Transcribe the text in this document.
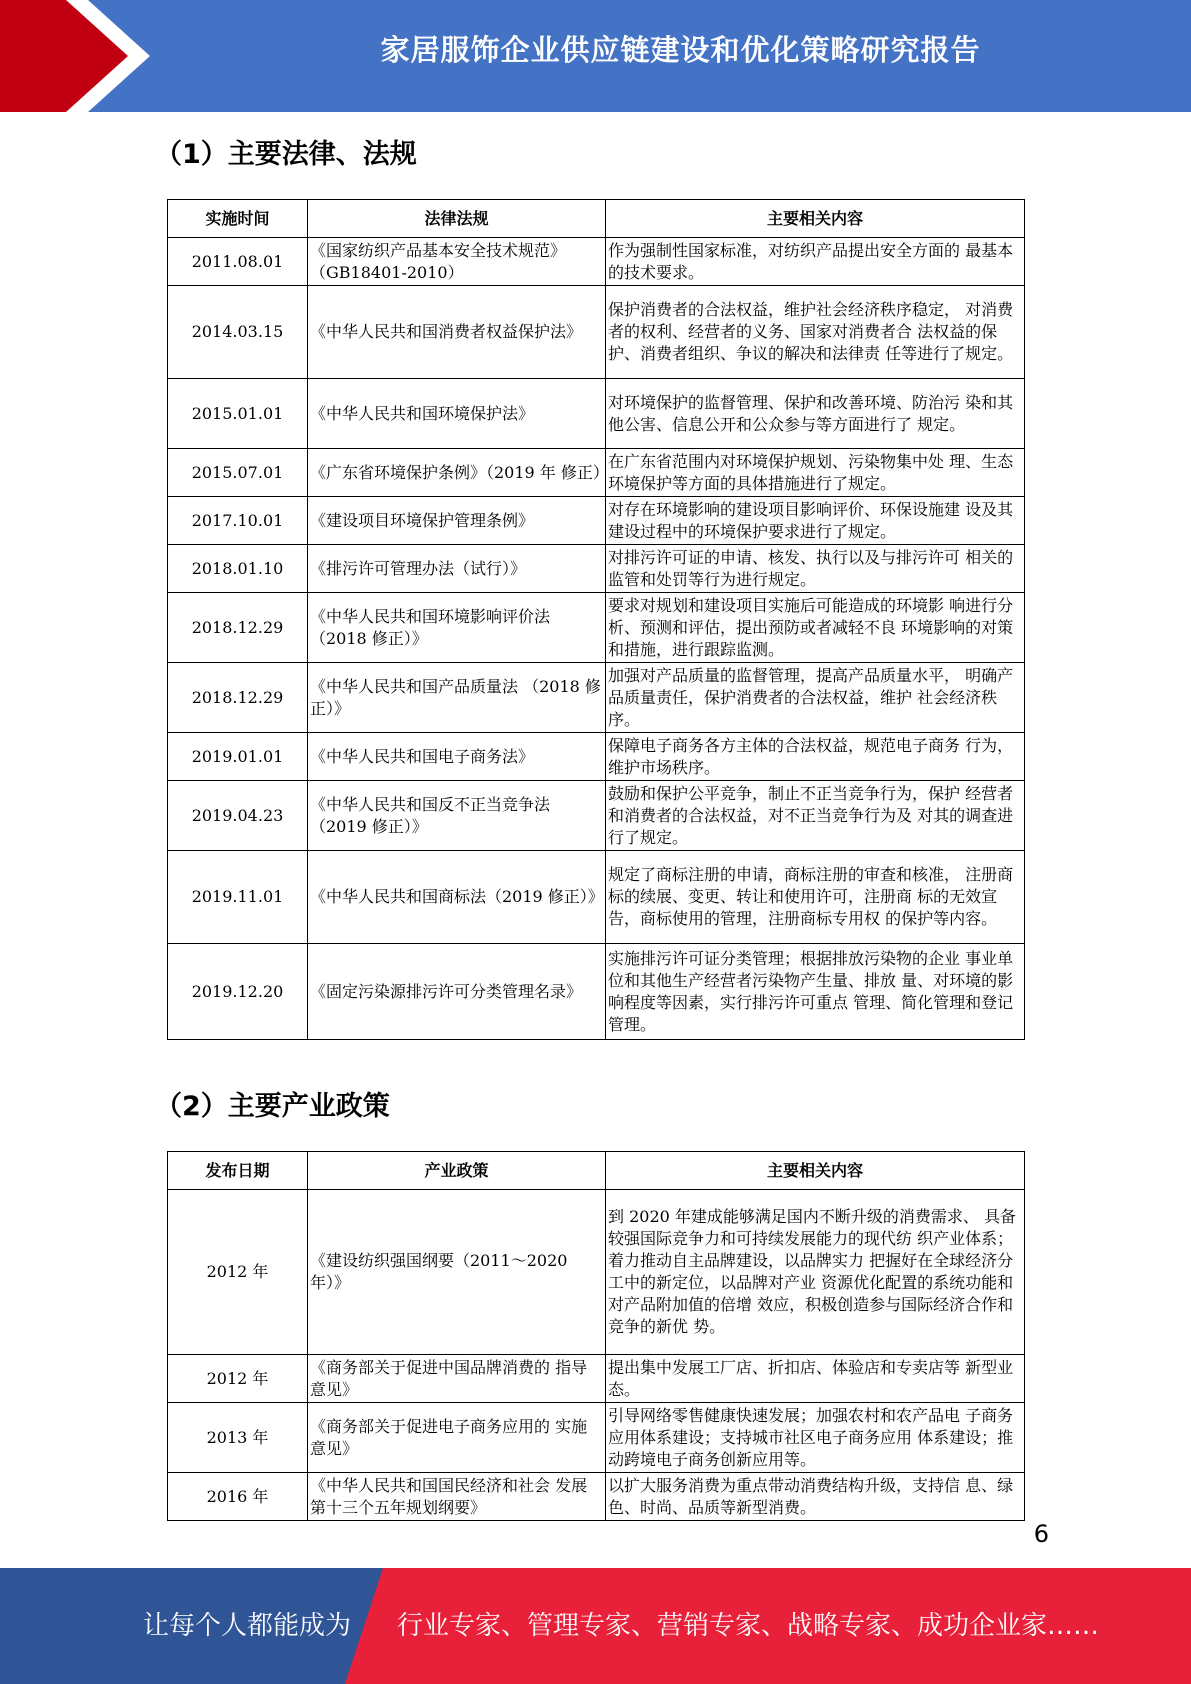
家居服饰企业供应链建设和优化策略研究报告
（1）主要法律、法规
实施时间	法律法规	主要相关内容
2011.08.01	《国家纺织产品基本安全技术规范》（GB18401-2010）	作为强制性国家标准，对纺织产品提出安全方面的 最基本的技术要求。
2014.03.15	《中华人民共和国消费者权益保护法》	保护消费者的合法权益，维护社会经济秩序稳定， 对消费者的权利、经营者的义务、国家对消费者合 法权益的保护、消费者组织、争议的解决和法律责 任等进行了规定。
2015.01.01	《中华人民共和国环境保护法》	对环境保护的监督管理、保护和改善环境、防治污 染和其他公害、信息公开和公众参与等方面进行了 规定。
2015.07.01	《广东省环境保护条例》（2019 年 修正）	在广东省范围内对环境保护规划、污染物集中处 理、生态环境保护等方面的具体措施进行了规定。
2017.10.01	《建设项目环境保护管理条例》	对存在环境影响的建设项目影响评价、环保设施建 设及其建设过程中的环境保护要求进行了规定。
2018.01.10	《排污许可管理办法（试行）》	对排污许可证的申请、核发、执行以及与排污许可 相关的监管和处罚等行为进行规定。
2018.12.29	《中华人民共和国环境影响评价法（2018 修正）》	要求对规划和建设项目实施后可能造成的环境影 响进行分析、预测和评估，提出预防或者减轻不良 环境影响的对策和措施，进行跟踪监测。
2018.12.29	《中华人民共和国产品质量法 （2018 修正）》	加强对产品质量的监督管理，提高产品质量水平， 明确产品质量责任，保护消费者的合法权益，维护 社会经济秩序。
2019.01.01	《中华人民共和国电子商务法》	保障电子商务各方主体的合法权益，规范电子商务 行为，维护市场秩序。
2019.04.23	《中华人民共和国反不正当竞争法（2019 修正）》	鼓励和保护公平竞争，制止不正当竞争行为，保护 经营者和消费者的合法权益，对不正当竞争行为及 对其的调查进行了规定。
2019.11.01	《中华人民共和国商标法（2019 修正）》	规定了商标注册的申请，商标注册的审查和核准， 注册商标的续展、变更、转让和使用许可，注册商 标的无效宣告，商标使用的管理，注册商标专用权 的保护等内容。
2019.12.20	《固定污染源排污许可分类管理名录》	实施排污许可证分类管理；根据排放污染物的企业 事业单位和其他生产经营者污染物产生量、排放 量、对环境的影响程度等因素，实行排污许可重点 管理、简化管理和登记管理。
（2）主要产业政策
发布日期	产业政策	主要相关内容
2012 年	《建设纺织强国纲要（2011～2020 年）》	到 2020 年建成能够满足国内不断升级的消费需求、 具备较强国际竞争力和可持续发展能力的现代纺 织产业体系；着力推动自主品牌建设，以品牌实力 把握好在全球经济分工中的新定位，以品牌对产业 资源优化配置的系统功能和对产品附加值的倍增 效应，积极创造参与国际经济合作和竞争的新优 势。
2012 年	《商务部关于促进中国品牌消费的 指导意见》	提出集中发展工厂店、折扣店、体验店和专卖店等 新型业态。
2013 年	《商务部关于促进电子商务应用的 实施意见》	引导网络零售健康快速发展；加强农村和农产品电 子商务应用体系建设；支持城市社区电子商务应用 体系建设；推动跨境电子商务创新应用等。
2016 年	《中华人民共和国国民经济和社会 发展第十三个五年规划纲要》	以扩大服务消费为重点带动消费结构升级，支持信 息、绿色、时尚、品质等新型消费。
6
让每个人都能成为 行业专家、管理专家、营销专家、战略专家、成功企业家……
